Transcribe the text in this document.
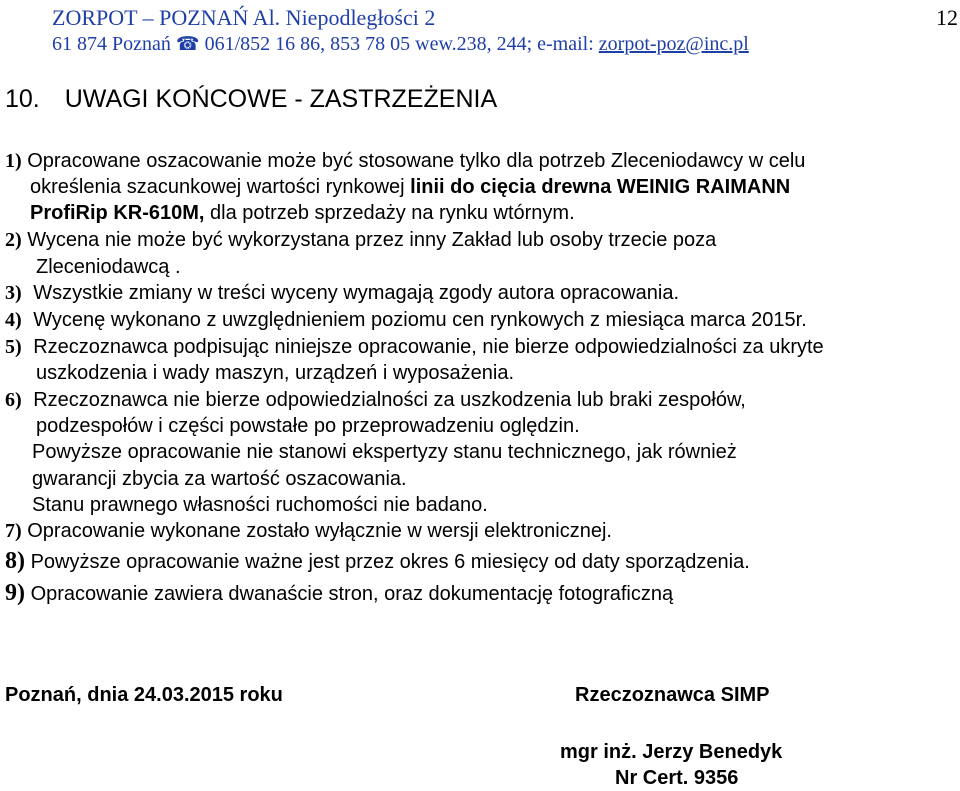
ZORPOT – POZNAŃ Al. Niepodległości 2	12
61 874 Poznań ☎ 061/852 16 86, 853 78 05 wew.238, 244; e-mail: zorpot-poz@inc.pl
10. UWAGI KOŃCOWE - ZASTRZEŻENIA
1) Opracowane oszacowanie może być stosowane tylko dla potrzeb Zleceniodawcy w celu
określenia szacunkowej wartości rynkowej linii do cięcia drewna WEINIG RAIMANN
ProfiRip KR-610M, dla potrzeb sprzedaży na rynku wtórnym.
2) Wycena nie może być wykorzystana przez inny Zakład lub osoby trzecie poza
Zleceniodawcą .
3) Wszystkie zmiany w treści wyceny wymagają zgody autora opracowania.
4) Wycenę wykonano z uwzględnieniem poziomu cen rynkowych z miesiąca marca 2015r.
5) Rzeczoznawca podpisując niniejsze opracowanie, nie bierze odpowiedzialności za ukryte
uszkodzenia i wady maszyn, urządzeń i wyposażenia.
6) Rzeczoznawca nie bierze odpowiedzialności za uszkodzenia lub braki zespołów,
podzespołów i części powstałe po przeprowadzeniu oględzin.
Powyższe opracowanie nie stanowi ekspertyzy stanu technicznego, jak również
gwarancji zbycia za wartość oszacowania.
Stanu prawnego własności ruchomości nie badano.
7) Opracowanie wykonane zostało wyłącznie w wersji elektronicznej.
8) Powyższe opracowanie ważne jest przez okres 6 miesięcy od daty sporządzenia.
9) Opracowanie zawiera dwanaście stron, oraz dokumentację fotograficzną
Poznań, dnia 24.03.2015 roku	Rzeczoznawca SIMP
mgr inż. Jerzy Benedyk
Nr Cert. 9356
